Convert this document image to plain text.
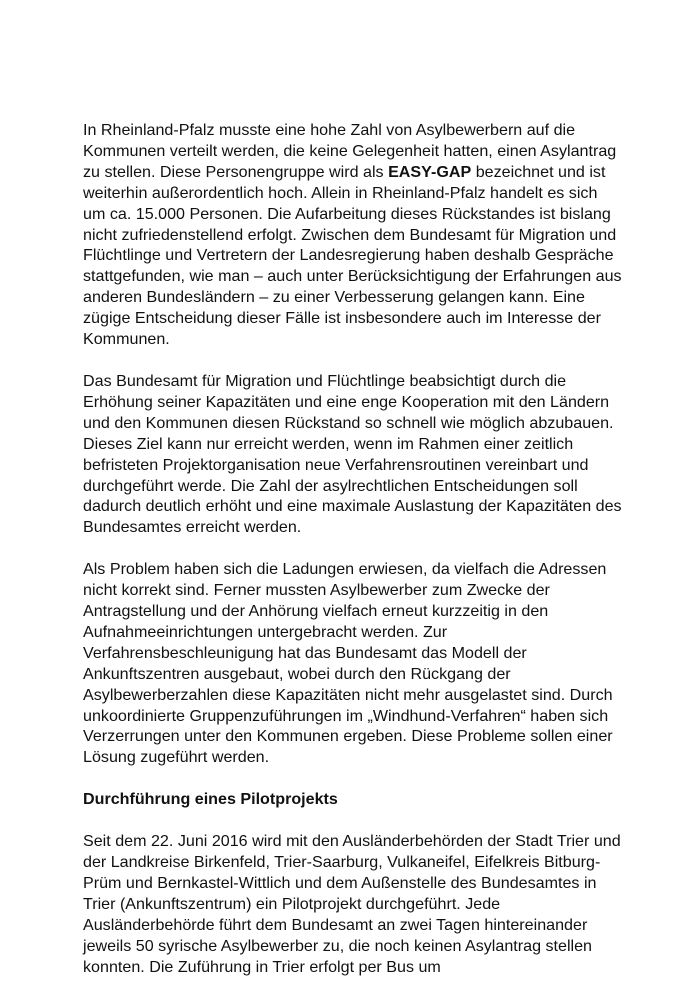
In Rheinland-Pfalz musste eine hohe Zahl von Asylbewerbern auf die Kommunen verteilt werden, die keine Gelegenheit hatten, einen Asylantrag zu stellen. Diese Personengruppe wird als EASY-GAP bezeichnet und ist weiterhin außerordentlich hoch. Allein in Rheinland-Pfalz handelt es sich um ca. 15.000 Personen. Die Aufarbeitung dieses Rückstandes ist bislang nicht zufriedenstellend erfolgt. Zwischen dem Bundesamt für Migration und Flüchtlinge und Vertretern der Landesregierung haben deshalb Gespräche stattgefunden, wie man – auch unter Berücksichtigung der Erfahrungen aus anderen Bundesländern – zu einer Verbesserung gelangen kann. Eine zügige Entscheidung dieser Fälle ist insbesondere auch im Interesse der Kommunen.

Das Bundesamt für Migration und Flüchtlinge beabsichtigt durch die Erhöhung seiner Kapazitäten und eine enge Kooperation mit den Ländern und den Kommunen diesen Rückstand so schnell wie möglich abzubauen. Dieses Ziel kann nur erreicht werden, wenn im Rahmen einer zeitlich befristeten Projektorganisation neue Verfahrensroutinen vereinbart und durchgeführt werde. Die Zahl der asylrechtlichen Entscheidungen soll dadurch deutlich erhöht und eine maximale Auslastung der Kapazitäten des Bundesamtes erreicht werden.

Als Problem haben sich die Ladungen erwiesen, da vielfach die Adressen nicht korrekt sind. Ferner mussten Asylbewerber zum Zwecke der Antragstellung und der Anhörung vielfach erneut kurzzeitig in den Aufnahmeeinrichtungen untergebracht werden. Zur Verfahrensbeschleunigung hat das Bundesamt das Modell der Ankunftszentren ausgebaut, wobei durch den Rückgang der Asylbewerberzahlen diese Kapazitäten nicht mehr ausgelastet sind. Durch unkoordinierte Gruppenzuführungen im „Windhund-Verfahren“ haben sich Verzerrungen unter den Kommunen ergeben. Diese Probleme sollen einer Lösung zugeführt werden.

Durchführung eines Pilotprojekts

Seit dem 22. Juni 2016 wird mit den Ausländerbehörden der Stadt Trier und der Landkreise Birkenfeld, Trier-Saarburg, Vulkaneifel, Eifelkreis Bitburg-Prüm und Bernkastel-Wittlich und dem Außenstelle des Bundesamtes in Trier (Ankunftszentrum) ein Pilotprojekt durchgeführt. Jede Ausländerbehörde führt dem Bundesamt an zwei Tagen hintereinander jeweils 50 syrische Asylbewerber zu, die noch keinen Asylantrag stellen konnten. Die Zuführung in Trier erfolgt per Bus um
